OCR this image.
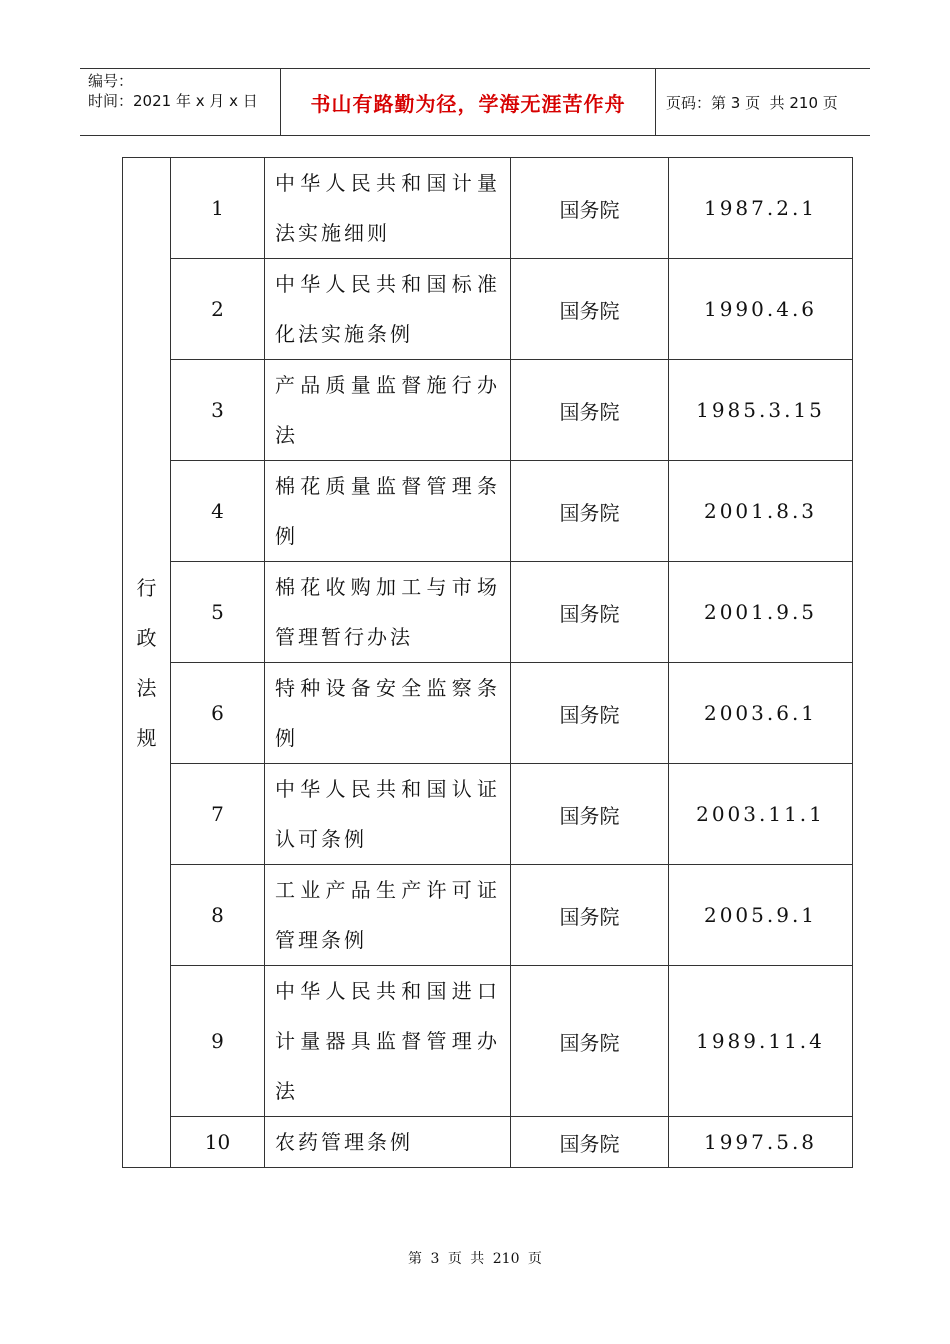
编号：
时间：2021 年 x 月 x 日	书山有路勤为径，学海无涯苦作舟	页码：第 3 页  共 210 页
行政法规	1	中华人民共和国计量法实施细则	国务院	1987.2.1
	2	中华人民共和国标准化法实施条例	国务院	1990.4.6
	3	产品质量监督施行办法	国务院	1985.3.15
	4	棉花质量监督管理条例	国务院	2001.8.3
	5	棉花收购加工与市场管理暂行办法	国务院	2001.9.5
	6	特种设备安全监察条例	国务院	2003.6.1
	7	中华人民共和国认证认可条例	国务院	2003.11.1
	8	工业产品生产许可证管理条例	国务院	2005.9.1
	9	中华人民共和国进口计量器具监督管理办法	国务院	1989.11.4
	10	农药管理条例	国务院	1997.5.8
第 3 页 共 210 页
